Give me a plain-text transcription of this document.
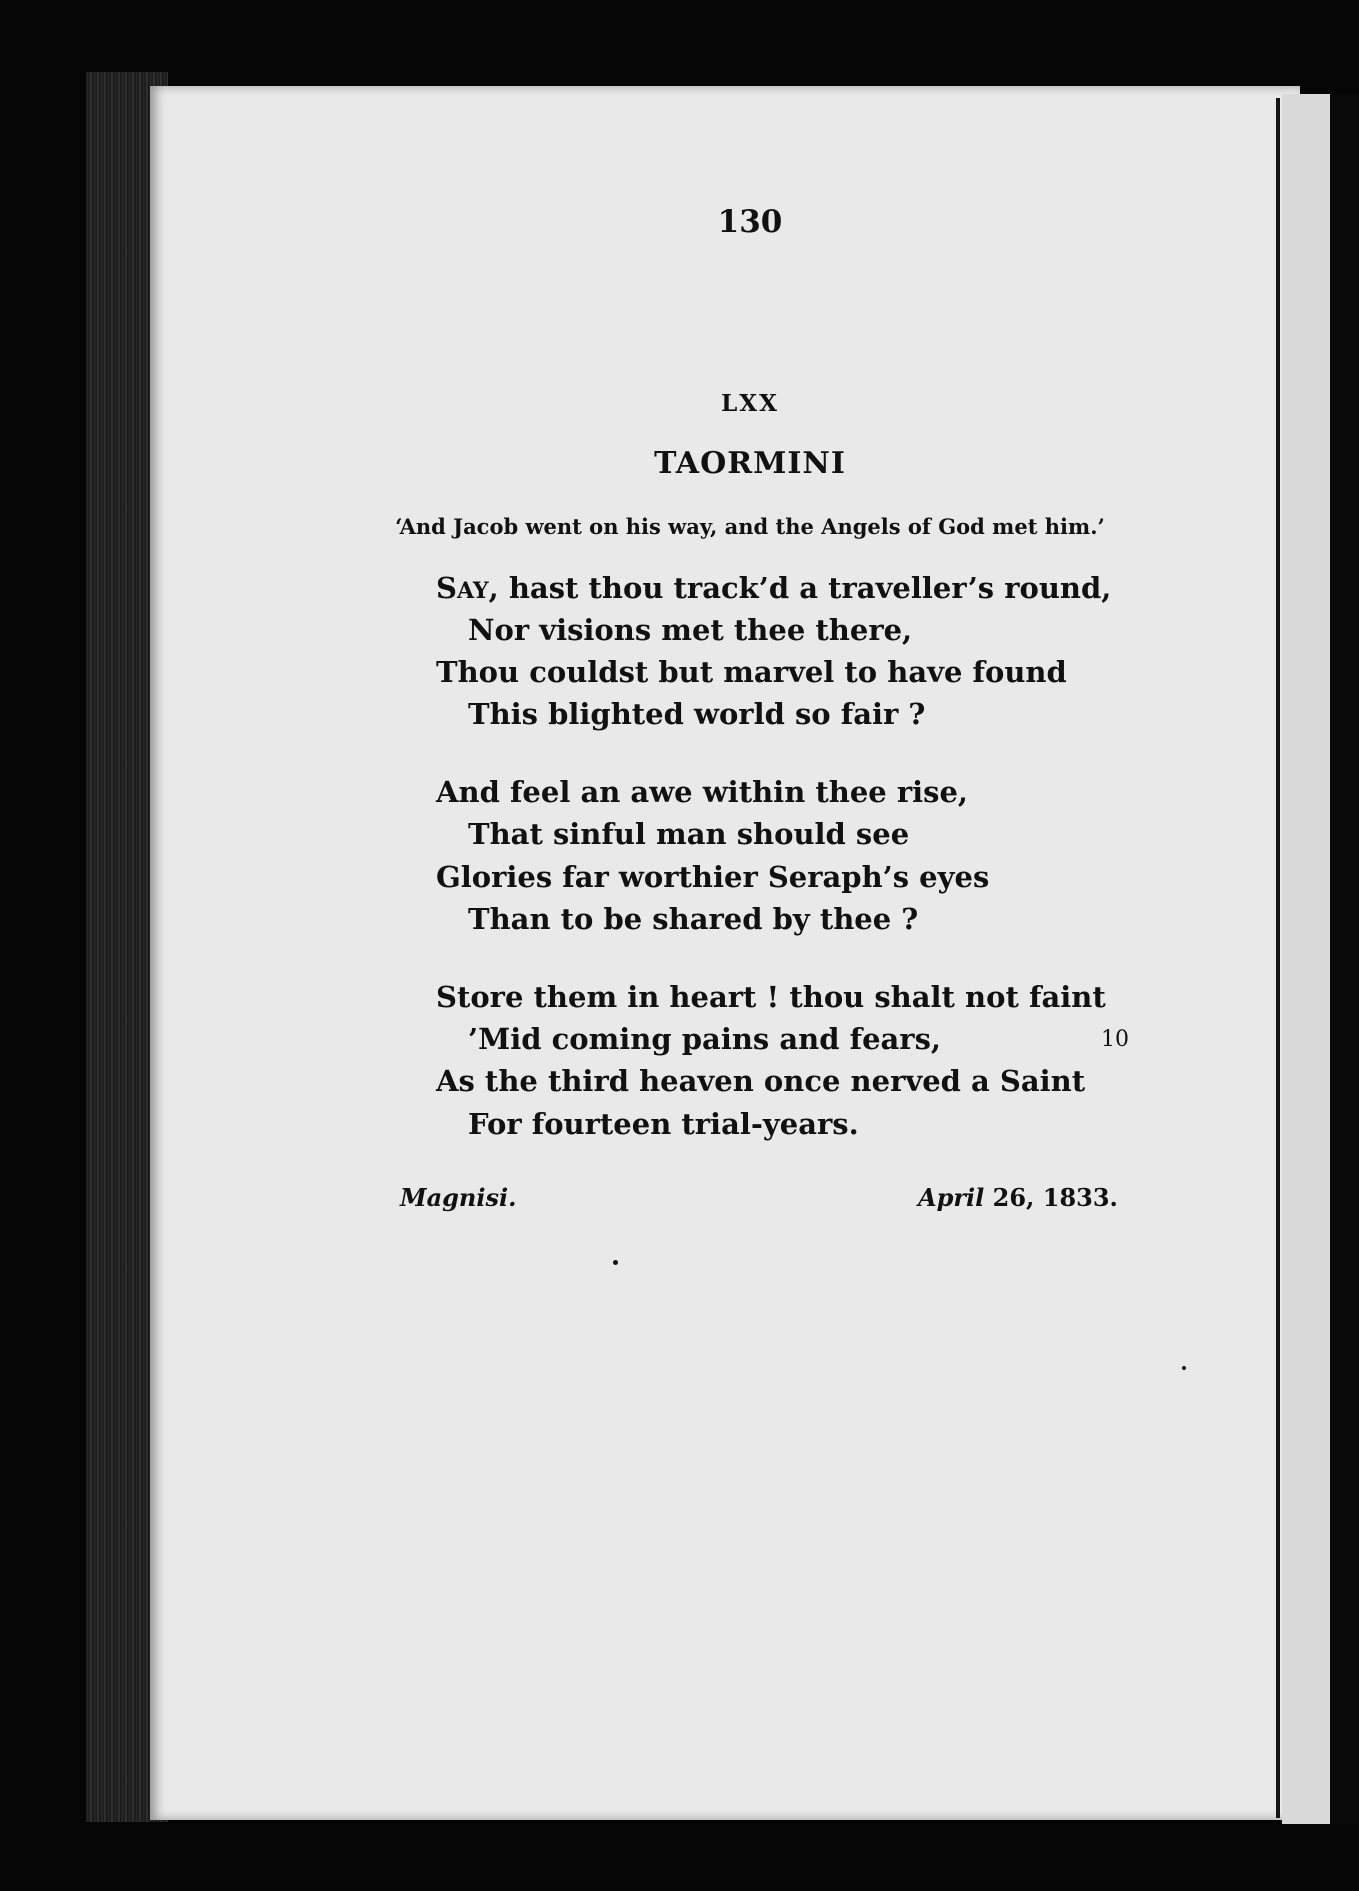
130
LXX
TAORMINI
‘And Jacob went on his way, and the Angels of God met him.’
SAY, hast thou track’d a traveller’s round,
Nor visions met thee there,
Thou couldst but marvel to have found
This blighted world so fair ?
And feel an awe within thee rise,
That sinful man should see
Glories far worthier Seraph’s eyes
Than to be shared by thee ?
Store them in heart ! thou shalt not faint
’Mid coming pains and fears,
As the third heaven once nerved a Saint
For fourteen trial-years.
10
Magnisi.	April 26, 1833.
